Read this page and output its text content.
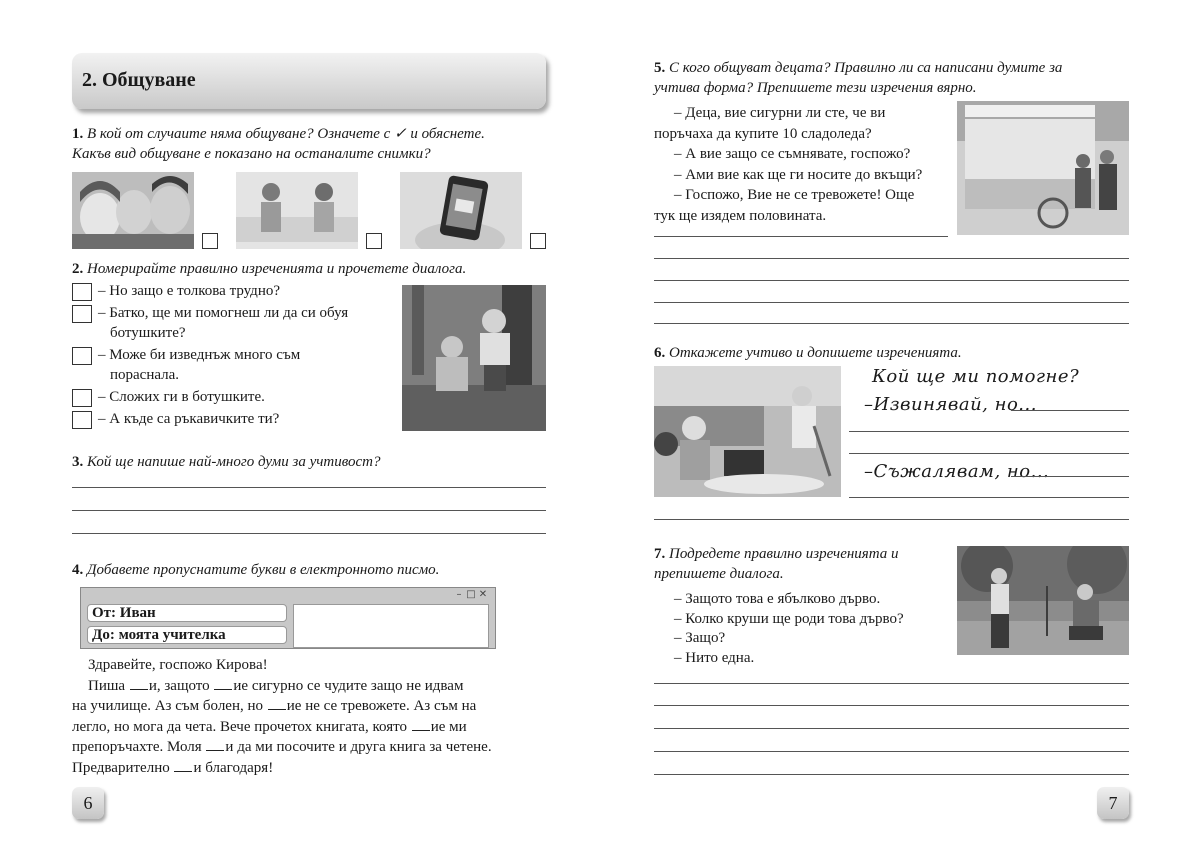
2. Общуване
1. В кой от случаите няма общуване? Означете с ✓ и обяснете.
Какъв вид общуване е показано на останалите снимки?
2. Номерирайте правилно изреченията и прочетете диалога.
– Но защо е толкова трудно?
– Батко, ще ми помогнеш ли да си обуя
ботушките?
– Може би изведнъж много съм
пораснала.
– Сложих ги в ботушките.
– А къде са ръкавичките ти?
3. Кой ще напише най-много думи за учтивост?
4. Добавете пропуснатите букви в електронното писмо.
– □ ✕
От: Иван
До: моята учителка
Здравейте, госпожо Кирова!
Пиша и, защото ие сигурно се чудите защо не идвам
на училище. Аз съм болен, но ие не се тревожете. Аз съм на
легло, но мога да чета. Вече прочетох книгата, която ие ми
препоръчахте. Моля и да ми посочите и друга книга за четене.
Предварително и благодаря!
6
5. С кого общуват децата? Правилно ли са написани думите за
учтива форма? Препишете тези изречения вярно.
– Деца, вие сигурни ли сте, че ви
поръчаха да купите 10 сладоледа?
– А вие защо се съмнявате, госпожо?
– Ами вие как ще ги носите до вкъщи?
– Госпожо, Вие не се тревожете! Още
тук ще изядем половината.
6. Откажете учтиво и допишете изреченията.
Кой ще ми помогне?
–Извинявай, но...
–Съжалявам, но...
7. Подредете правилно изреченията и
препишете диалога.
– Защото това е ябълково дърво.
– Колко круши ще роди това дърво?
– Защо?
– Нито една.
7
